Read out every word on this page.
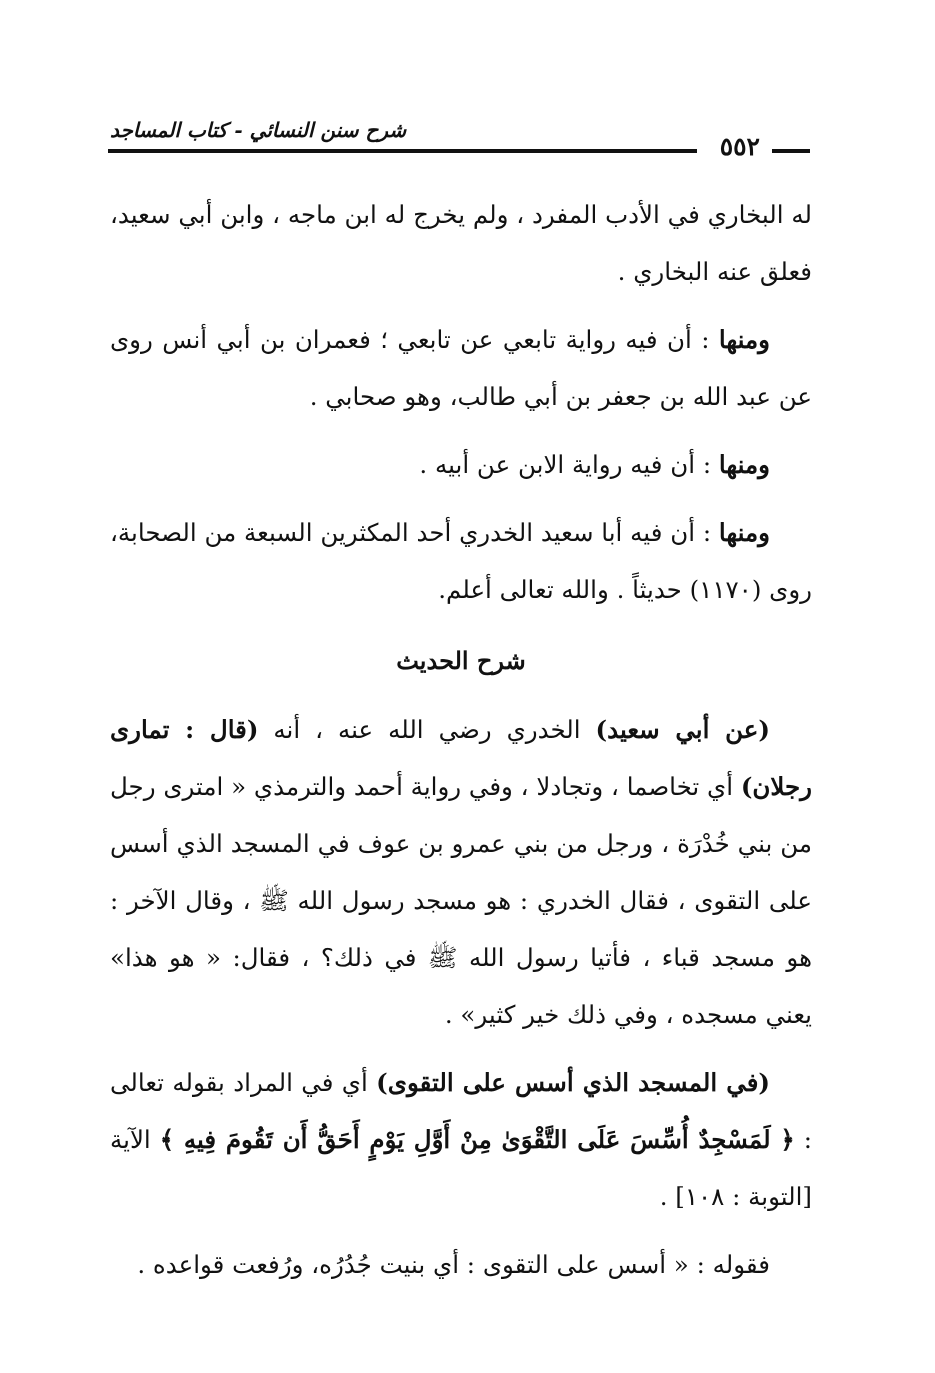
٥٥٢
شرح سنن النسائي - كتاب المساجد

له البخاري في الأدب المفرد ، ولم يخرج له ابن ماجه ، وابن أبي سعيد، فعلق عنه البخاري .

ومنها : أن فيه رواية تابعي عن تابعي ؛ فعمران بن أبي أنس روى عن عبد الله بن جعفر بن أبي طالب، وهو صحابي .

ومنها : أن فيه رواية الابن عن أبيه .

ومنها : أن فيه أبا سعيد الخدري أحد المكثرين السبعة من الصحابة، روى (١١٧٠) حديثاً . والله تعالى أعلم.

شرح الحديث

(عن أبي سعيد) الخدري رضي الله عنه ، أنه (قال : تمارى رجلان) أي تخاصما ، وتجادلا ، وفي رواية أحمد والترمذي « امترى رجل من بني خُدْرَة ، ورجل من بني عمرو بن عوف في المسجد الذي أسس على التقوى ، فقال الخدري : هو مسجد رسول الله ﷺ ، وقال الآخر : هو مسجد قباء ، فأتيا رسول الله ﷺ في ذلك؟ ، فقال: « هو هذا» يعني مسجده ، وفي ذلك خير كثير» .

(في المسجد الذي أسس على التقوى) أي في المراد بقوله تعالى : ﴿ لَمَسْجِدٌ أُسِّسَ عَلَى التَّقْوَىٰ مِنْ أَوَّلِ يَوْمٍ أَحَقُّ أَن تَقُومَ فِيهِ ﴾ الآية [التوبة : ١٠٨] .

فقوله : « أسس على التقوى : أي بنيت جُدُرُه، ورُفعت قواعده .
